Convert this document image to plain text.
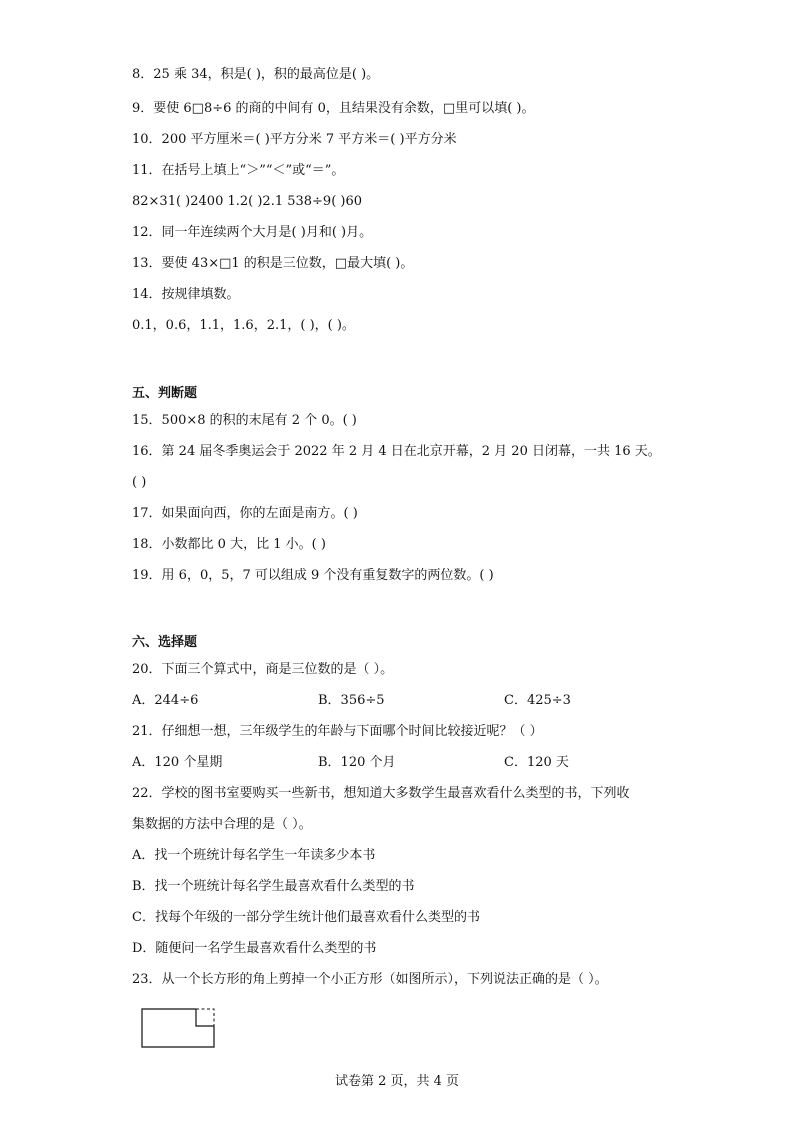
8．25 乘 34，积是( )，积的最高位是( )。
9．要使 6□8÷6 的商的中间有 0，且结果没有余数，□里可以填( )。
10．200 平方厘米＝( )平方分米 7 平方米＝( )平方分米
11．在括号上填上“＞”“＜”或“＝”。
82×31( )2400 1.2( )2.1 538÷9( )60
12．同一年连续两个大月是( )月和( )月。
13．要使 43×□1 的积是三位数，□最大填( )。
14．按规律填数。
0.1，0.6，1.1，1.6，2.1，( )，( )。
五、判断题
15．500×8 的积的末尾有 2 个 0。( )
16．第 24 届冬季奥运会于 2022 年 2 月 4 日在北京开幕，2 月 20 日闭幕，一共 16 天。
( )
17．如果面向西，你的左面是南方。( )
18．小数都比 0 大，比 1 小。( )
19．用 6，0，5，7 可以组成 9 个没有重复数字的两位数。( )
六、选择题
20．下面三个算式中，商是三位数的是（ ）。
A．244÷6	B．356÷5	C．425÷3
21．仔细想一想，三年级学生的年龄与下面哪个时间比较接近呢？（ ）
A．120 个星期	B．120 个月	C．120 天
22．学校的图书室要购买一些新书，想知道大多数学生最喜欢看什么类型的书，下列收
集数据的方法中合理的是（ ）。
A．找一个班统计每名学生一年读多少本书
B．找一个班统计每名学生最喜欢看什么类型的书
C．找每个年级的一部分学生统计他们最喜欢看什么类型的书
D．随便问一名学生最喜欢看什么类型的书
23．从一个长方形的角上剪掉一个小正方形（如图所示），下列说法正确的是（ ）。
试卷第 2 页，共 4 页
